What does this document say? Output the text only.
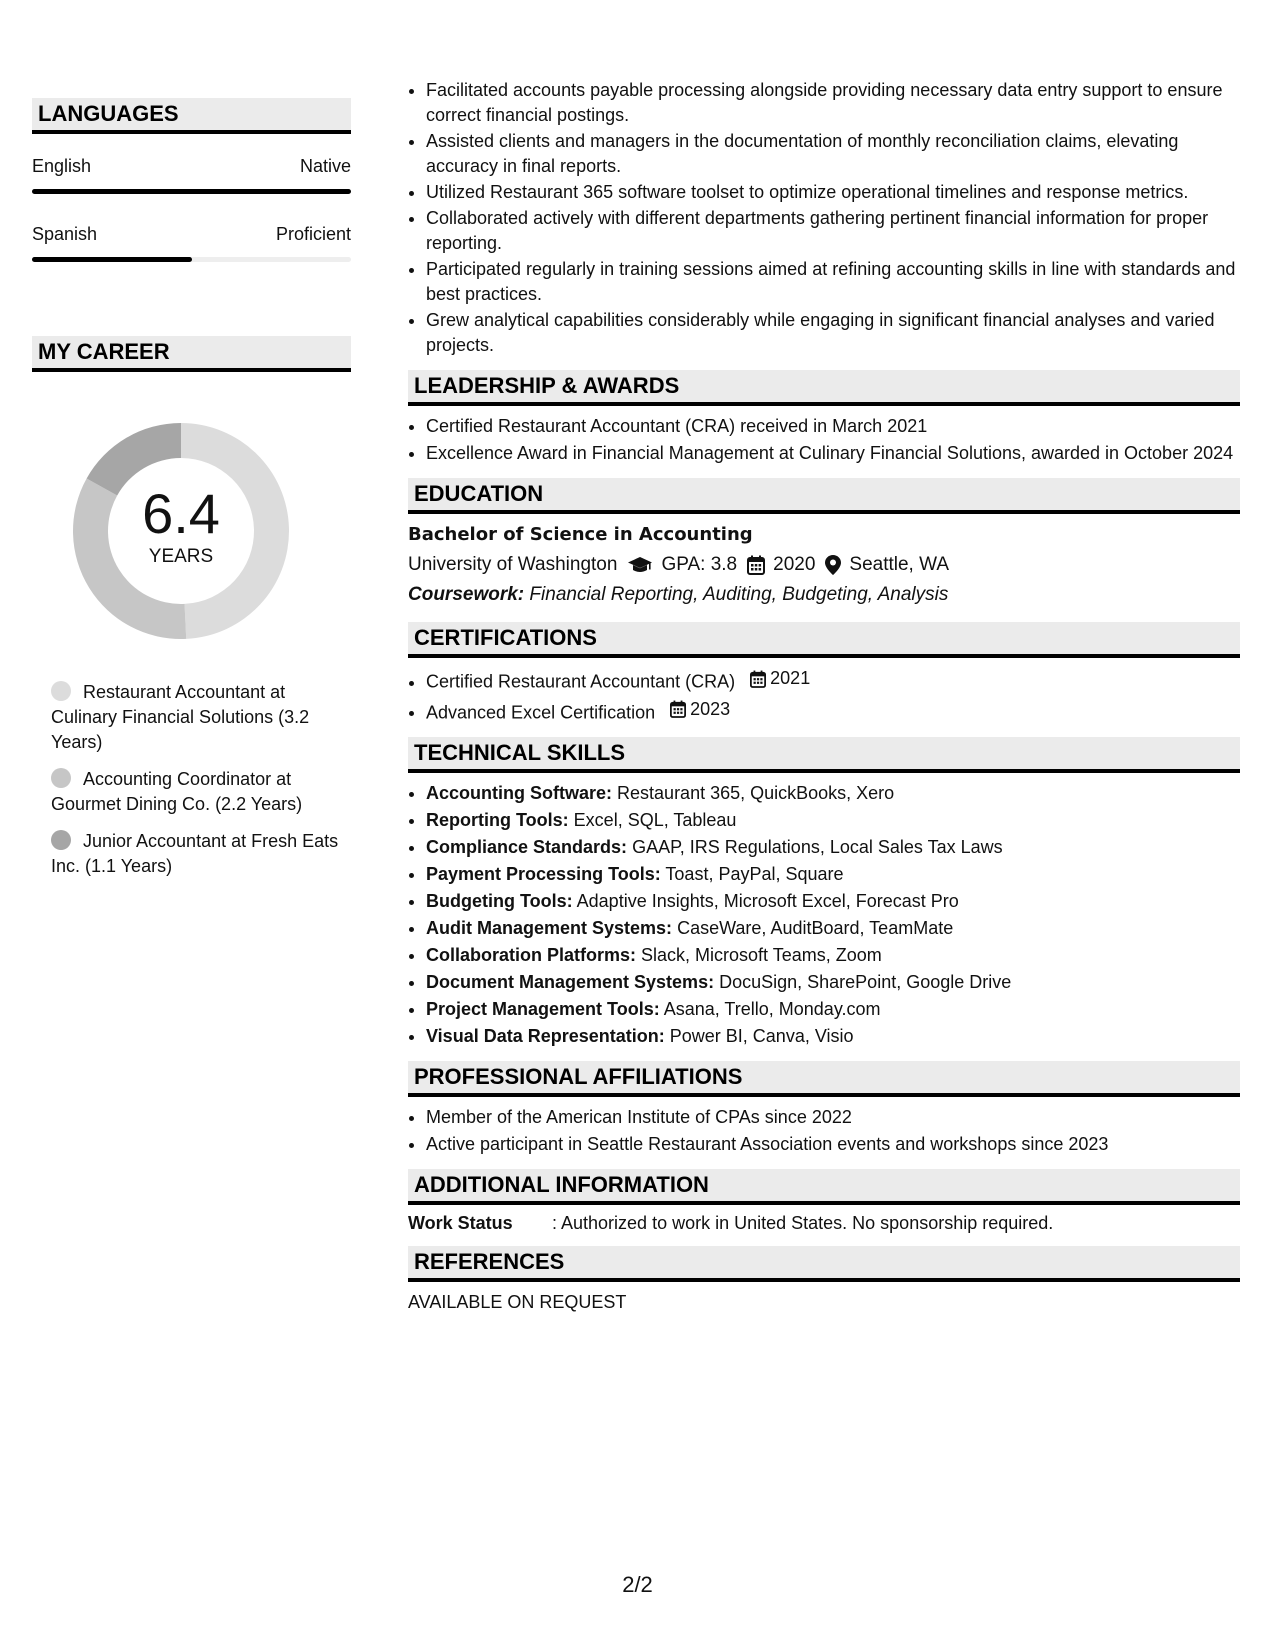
LANGUAGES
English	Native
Spanish	Proficient
MY CAREER
6.4
YEARS
Restaurant Accountant at Culinary Financial Solutions (3.2 Years)
Accounting Coordinator at Gourmet Dining Co. (2.2 Years)
Junior Accountant at Fresh Eats Inc. (1.1 Years)
• Facilitated accounts payable processing alongside providing necessary data entry support to ensure correct financial postings.
• Assisted clients and managers in the documentation of monthly reconciliation claims, elevating accuracy in final reports.
• Utilized Restaurant 365 software toolset to optimize operational timelines and response metrics.
• Collaborated actively with different departments gathering pertinent financial information for proper reporting.
• Participated regularly in training sessions aimed at refining accounting skills in line with standards and best practices.
• Grew analytical capabilities considerably while engaging in significant financial analyses and varied projects.
LEADERSHIP & AWARDS
• Certified Restaurant Accountant (CRA) received in March 2021
• Excellence Award in Financial Management at Culinary Financial Solutions, awarded in October 2024
EDUCATION
Bachelor of Science in Accounting
University of Washington GPA: 3.8 2020 Seattle, WA
Coursework: Financial Reporting, Auditing, Budgeting, Analysis
CERTIFICATIONS
• Certified Restaurant Accountant (CRA) 2021
• Advanced Excel Certification 2023
TECHNICAL SKILLS
• Accounting Software: Restaurant 365, QuickBooks, Xero
• Reporting Tools: Excel, SQL, Tableau
• Compliance Standards: GAAP, IRS Regulations, Local Sales Tax Laws
• Payment Processing Tools: Toast, PayPal, Square
• Budgeting Tools: Adaptive Insights, Microsoft Excel, Forecast Pro
• Audit Management Systems: CaseWare, AuditBoard, TeamMate
• Collaboration Platforms: Slack, Microsoft Teams, Zoom
• Document Management Systems: DocuSign, SharePoint, Google Drive
• Project Management Tools: Asana, Trello, Monday.com
• Visual Data Representation: Power BI, Canva, Visio
PROFESSIONAL AFFILIATIONS
• Member of the American Institute of CPAs since 2022
• Active participant in Seattle Restaurant Association events and workshops since 2023
ADDITIONAL INFORMATION
Work Status	: Authorized to work in United States. No sponsorship required.
REFERENCES
AVAILABLE ON REQUEST
2/2
